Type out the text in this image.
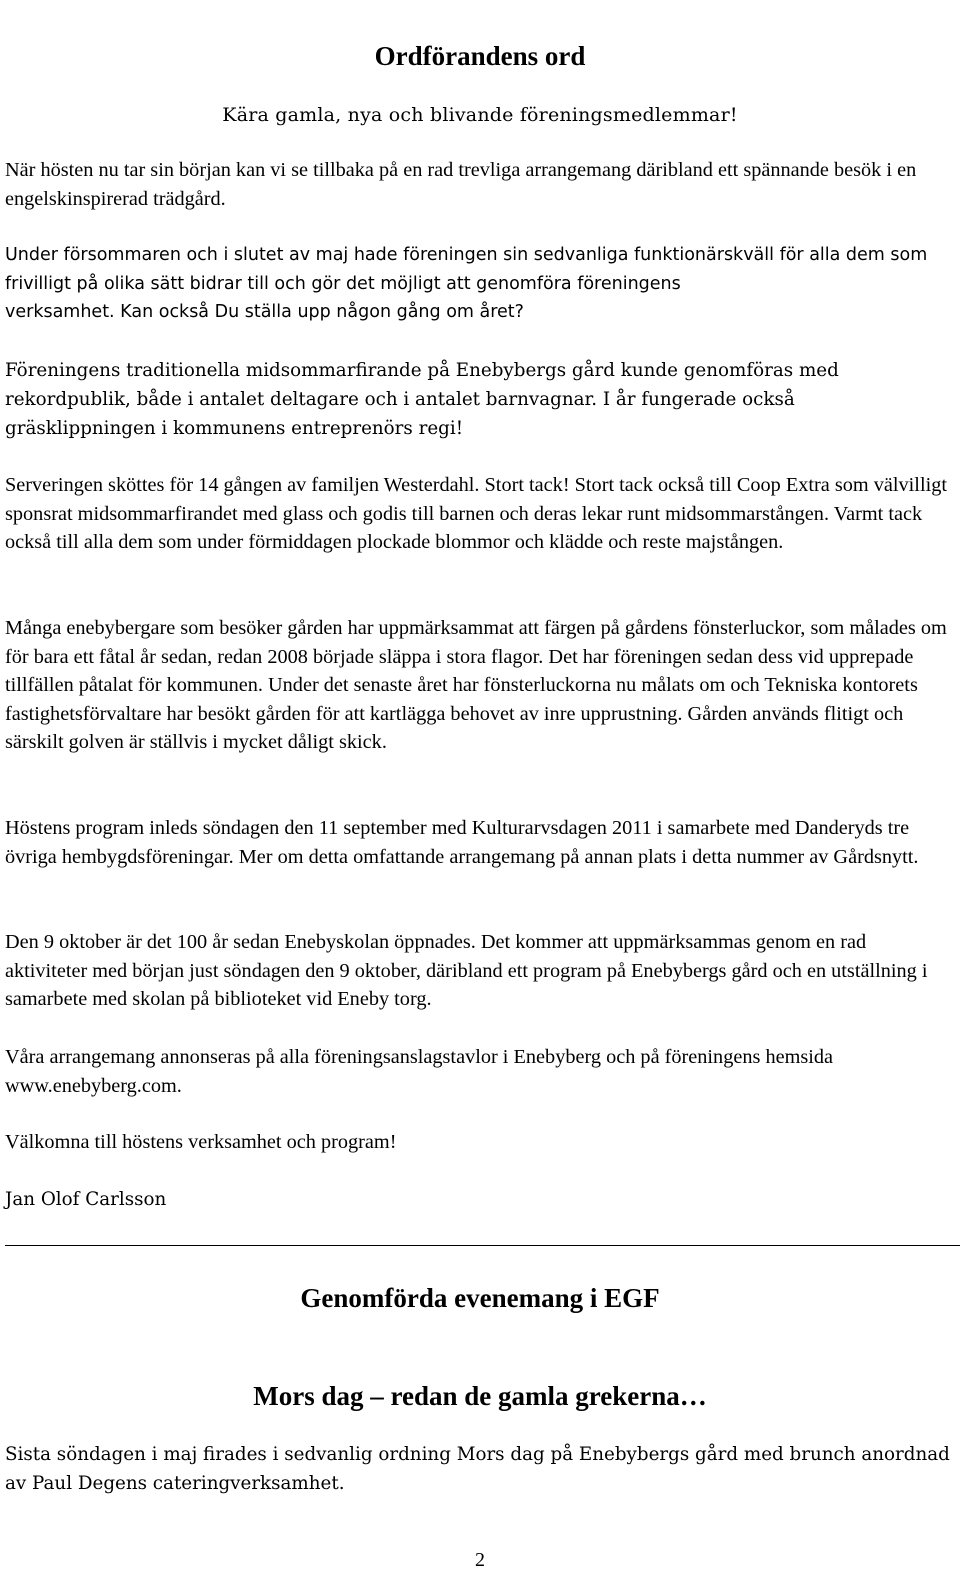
Ordförandens ord
Kära gamla, nya och blivande föreningsmedlemmar!

När hösten nu tar sin början kan vi se tillbaka på en rad trevliga arrangemang däribland ett spännande besök i en engelskinspirerad trädgård.

Under försommaren och i slutet av maj hade föreningen sin sedvanliga funktionärskväll för alla dem som frivilligt på olika sätt bidrar till och gör det möjligt att genomföra föreningens
verksamhet. Kan också Du ställa upp någon gång om året?

Föreningens traditionella midsommarfirande på Enebybergs gård kunde genomföras med rekordpublik, både i antalet deltagare och i antalet barnvagnar. I år fungerade också gräsklippningen i kommunens entreprenörs regi!

Serveringen sköttes för 14 gången av familjen Westerdahl. Stort tack! Stort tack också till Coop Extra som välvilligt sponsrat midsommarfirandet med glass och godis till barnen och deras lekar runt midsommarstången. Varmt tack också till alla dem som under förmiddagen plockade blommor och klädde och reste majstången.

Många enebybergare som besöker gården har uppmärksammat att färgen på gårdens fönsterluckor, som målades om för bara ett fåtal år sedan, redan 2008 började släppa i stora flagor. Det har föreningen sedan dess vid upprepade tillfällen påtalat för kommunen. Under det senaste året har fönsterluckorna nu målats om och Tekniska kontorets fastighetsförvaltare har besökt gården för att kartlägga behovet av inre upprustning. Gården används flitigt och särskilt golven är ställvis i mycket dåligt skick.

Höstens program inleds söndagen den 11 september med Kulturarvsdagen 2011 i samarbete med Danderyds tre övriga hembygdsföreningar. Mer om detta omfattande arrangemang på annan plats i detta nummer av Gårdsnytt.

Den 9 oktober är det 100 år sedan Enebyskolan öppnades. Det kommer att uppmärksammas genom en rad aktiviteter med början just söndagen den 9 oktober, däribland ett program på Enebybergs gård och en utställning i samarbete med skolan på biblioteket vid Eneby torg.

Våra arrangemang annonseras på alla föreningsanslagstavlor i Enebyberg och på föreningens hemsida www.enebyberg.com.

Välkomna till höstens verksamhet och program!

Jan Olof Carlsson

Genomförda evenemang i EGF
Mors dag – redan de gamla grekerna…

Sista söndagen i maj firades i sedvanlig ordning Mors dag på Enebybergs gård med brunch anordnad av Paul Degens cateringverksamhet.

2
